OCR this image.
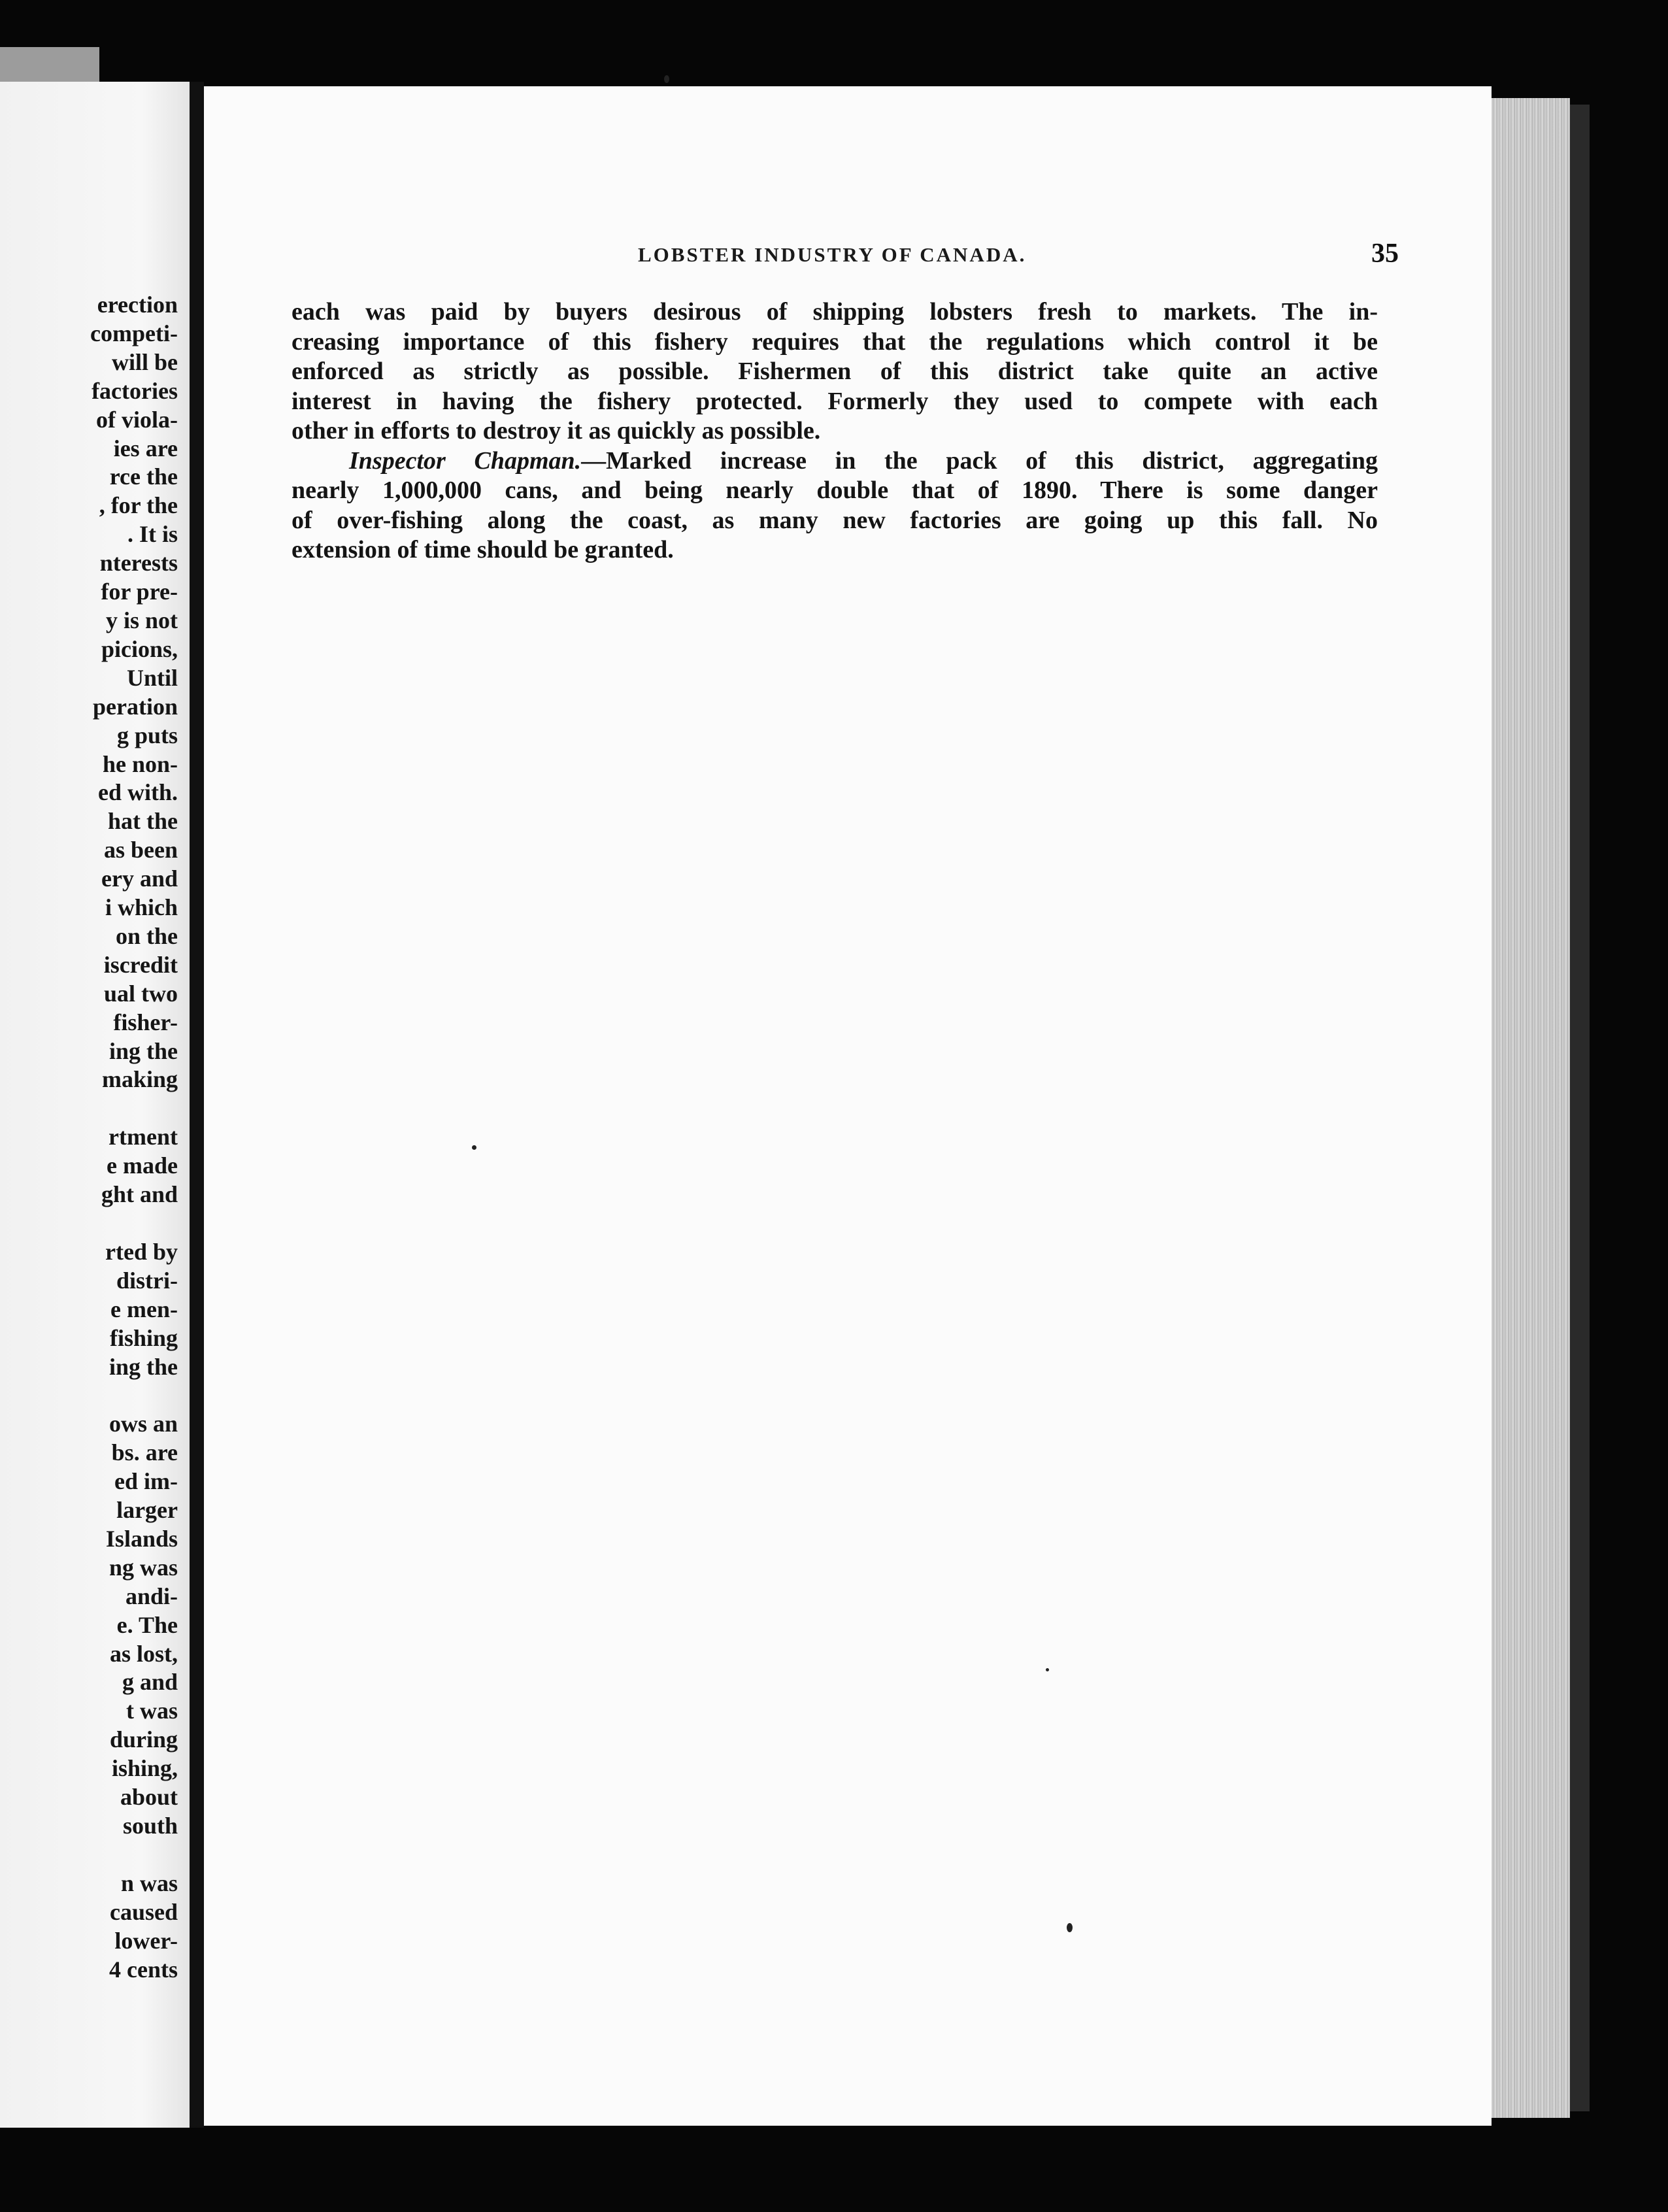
erection
competi-
will be
factories
of viola-
ies are
rce the
, for the
. It is
nterests
for pre-
y is not
picions,
Until
peration
g puts
he non-
ed with.
hat the
as been
ery and
i which
on the
iscredit
ual two
fisher-
ing the
making
rtment
e made
ght and
rted by
distri-
e men-
fishing
ing the
ows an
bs. are
ed im-
larger
Islands
ng was
andi-
e. The
as lost,
g and
t was
during
ishing,
about
south
n was
caused
lower-
4 cents
LOBSTER INDUSTRY OF CANADA.	35
each was paid by buyers desirous of shipping lobsters fresh to markets. The in-
creasing importance of this fishery requires that the regulations which control it be
enforced as strictly as possible. Fishermen of this district take quite an active
interest in having the fishery protected. Formerly they used to compete with each
other in efforts to destroy it as quickly as possible.
Inspector Chapman.—Marked increase in the pack of this district, aggregating
nearly 1,000,000 cans, and being nearly double that of 1890. There is some danger
of over-fishing along the coast, as many new factories are going up this fall. No
extension of time should be granted.
